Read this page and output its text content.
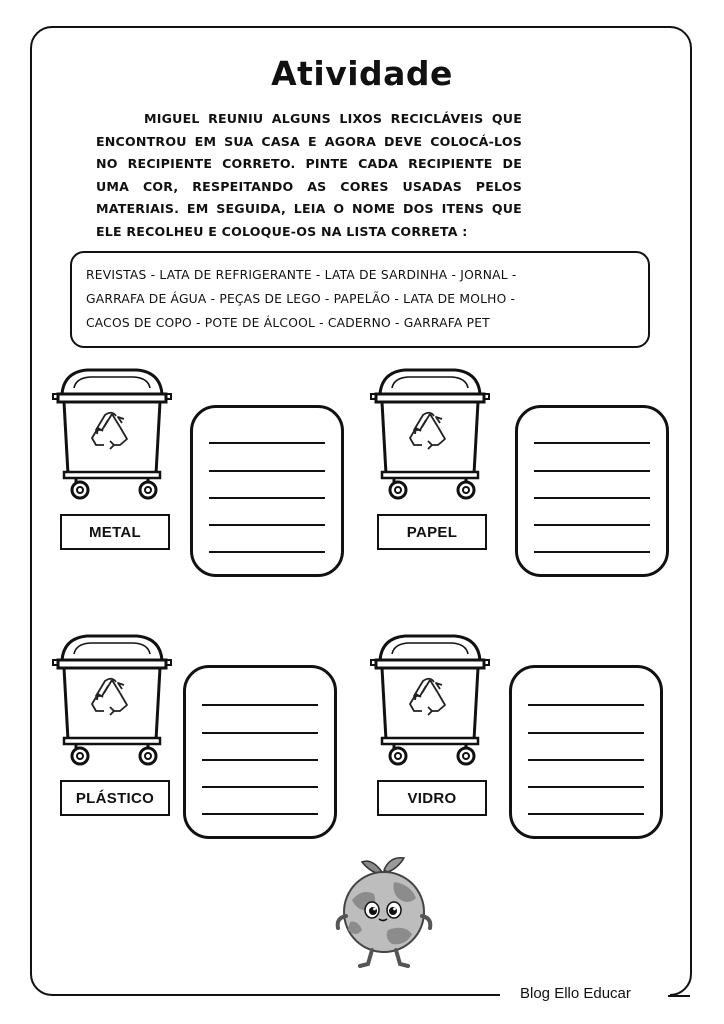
Blog Ello Educar
Atividade
MIGUEL REUNIU ALGUNS LIXOS RECICLÁVEIS QUE ENCONTROU EM SUA CASA E AGORA DEVE COLOCÁ-LOS NO RECIPIENTE CORRETO. PINTE CADA RECIPIENTE DE UMA COR, RESPEITANDO AS CORES USADAS PELOS MATERIAIS. EM SEGUIDA, LEIA O NOME DOS ITENS QUE ELE RECOLHEU E COLOQUE-OS NA LISTA CORRETA :
REVISTAS - LATA DE REFRIGERANTE - LATA DE SARDINHA - JORNAL -
GARRAFA DE ÁGUA - PEÇAS DE LEGO - PAPELÃO - LATA DE MOLHO -
CACOS DE COPO - POTE DE ÁLCOOL - CADERNO - GARRAFA PET
METAL	PAPEL
PLÁSTICO	VIDRO
